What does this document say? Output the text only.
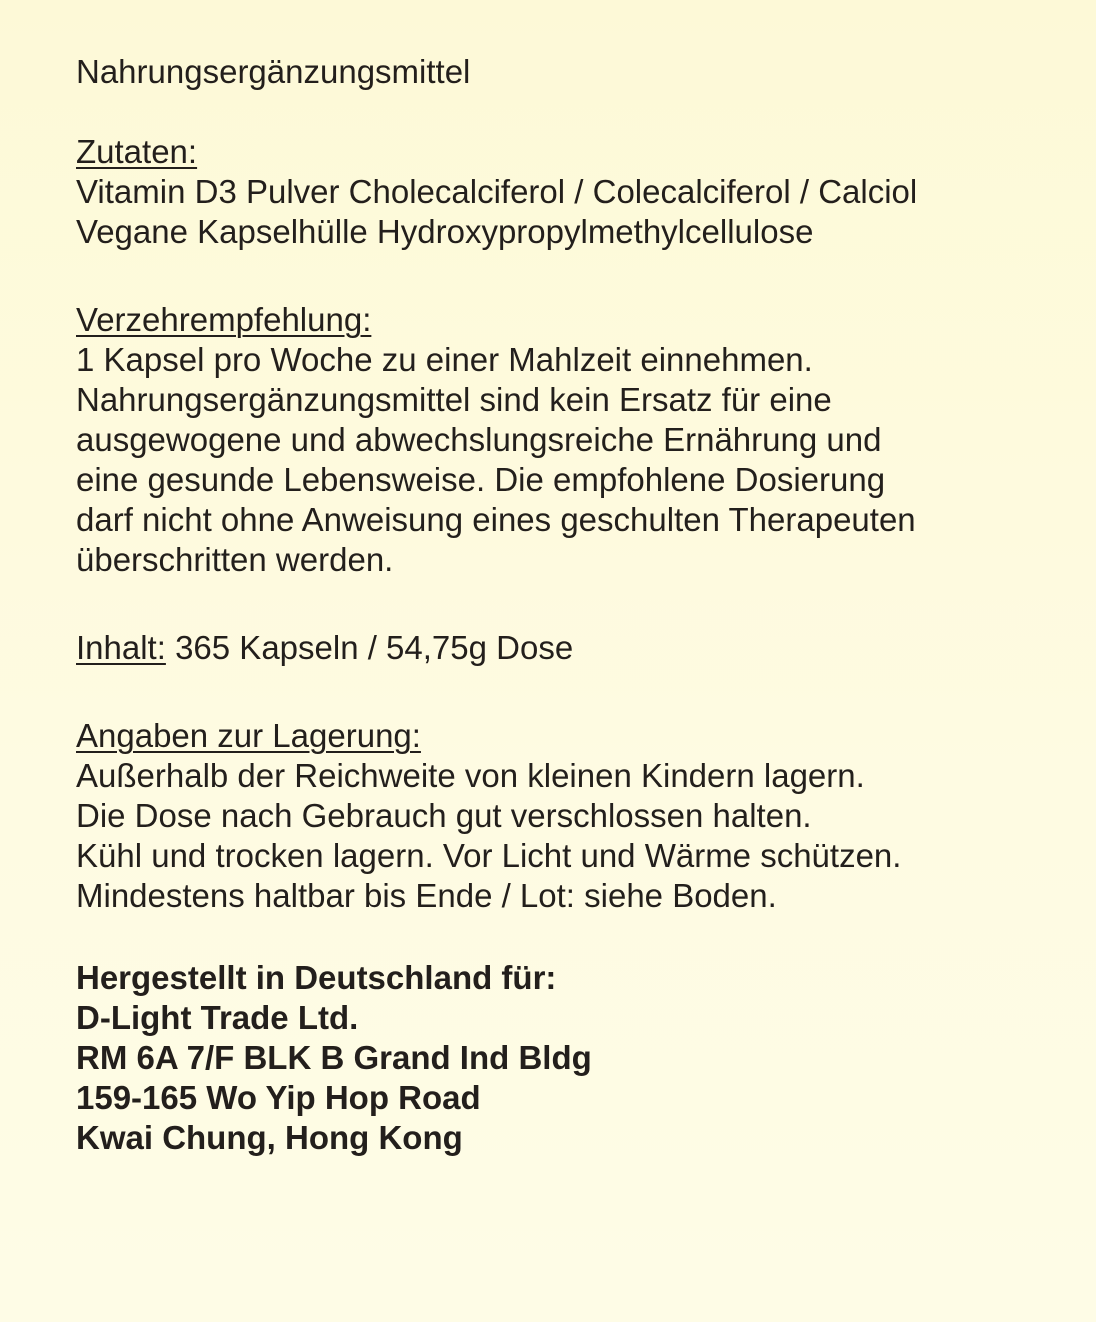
Nahrungsergänzungsmittel
Zutaten:
Vitamin D3 Pulver Cholecalciferol / Colecalciferol / Calciol
Vegane Kapselhülle Hydroxypropylmethylcellulose
Verzehrempfehlung:
1 Kapsel pro Woche zu einer Mahlzeit einnehmen.
Nahrungsergänzungsmittel sind kein Ersatz für eine
ausgewogene und abwechslungsreiche Ernährung und
eine gesunde Lebensweise. Die empfohlene Dosierung
darf nicht ohne Anweisung eines geschulten Therapeuten
überschritten werden.
Inhalt: 365 Kapseln / 54,75g Dose
Angaben zur Lagerung:
Außerhalb der Reichweite von kleinen Kindern lagern.
Die Dose nach Gebrauch gut verschlossen halten.
Kühl und trocken lagern. Vor Licht und Wärme schützen.
Mindestens haltbar bis Ende / Lot: siehe Boden.
Hergestellt in Deutschland für:
D-Light Trade Ltd.
RM 6A 7/F BLK B Grand Ind Bldg
159-165 Wo Yip Hop Road
Kwai Chung, Hong Kong
